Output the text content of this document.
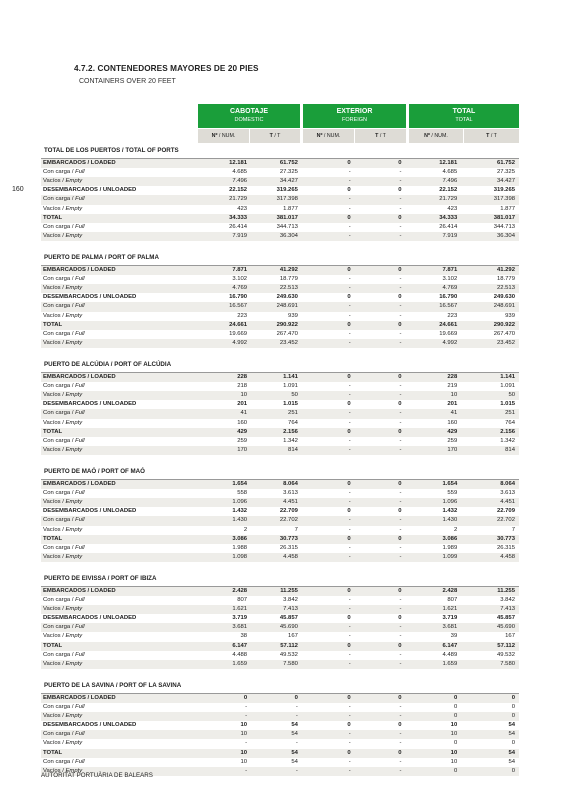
4.7.2. CONTENEDORES MAYORES DE 20 PIES
CONTAINERS OVER 20 FEET
160
CABOTAJE
DOMESTIC
EXTERIOR
FOREIGN
TOTAL
TOTAL
Nº / NUM.	T / T	Nº / NUM.	T / T	Nº / NUM.	T / T
TOTAL DE LOS PUERTOS / TOTAL OF PORTS
EMBARCADOS / LOADED	12.181	61.752	0	0	12.181	61.752
Con carga / Full	4.685	27.325	-	-	4.685	27.325
Vacíos / Empty	7.496	34.427	-	-	7.496	34.427
DESEMBARCADOS / UNLOADED	22.152	319.265	0	0	22.152	319.265
Con carga / Full	21.729	317.398	-	-	21.729	317.398
Vacíos / Empty	423	1.877	-	-	423	1.877
TOTAL	34.333	381.017	0	0	34.333	381.017
Con carga / Full	26.414	344.713	-	-	26.414	344.713
Vacíos / Empty	7.919	36.304	-	-	7.919	36.304
PUERTO DE PALMA / PORT OF PALMA
EMBARCADOS / LOADED	7.871	41.292	0	0	7.871	41.292
Con carga / Full	3.102	18.779	-	-	3.102	18.779
Vacíos / Empty	4.769	22.513	-	-	4.769	22.513
DESEMBARCADOS / UNLOADED	16.790	249.630	0	0	16.790	249.630
Con carga / Full	16.567	248.691	-	-	16.567	248.691
Vacíos / Empty	223	939	-	-	223	939
TOTAL	24.661	290.922	0	0	24.661	290.922
Con carga / Full	19.669	267.470	-	-	19.669	267.470
Vacíos / Empty	4.992	23.452	-	-	4.992	23.452
PUERTO DE ALCÚDIA / PORT OF ALCÚDIA
EMBARCADOS / LOADED	228	1.141	0	0	228	1.141
Con carga / Full	218	1.091	-	-	219	1.091
Vacíos / Empty	10	50	-	-	10	50
DESEMBARCADOS / UNLOADED	201	1.015	0	0	201	1.015
Con carga / Full	41	251	-	-	41	251
Vacíos / Empty	160	764	-	-	160	764
TOTAL	429	2.156	0	0	429	2.156
Con carga / Full	259	1.342	-	-	259	1.342
Vacíos / Empty	170	814	-	-	170	814
PUERTO DE MAÓ / PORT OF MAÓ
EMBARCADOS / LOADED	1.654	8.064	0	0	1.654	8.064
Con carga / Full	558	3.613	-	-	559	3.613
Vacíos / Empty	1.096	4.451	-	-	1.096	4.451
DESEMBARCADOS / UNLOADED	1.432	22.709	0	0	1.432	22.709
Con carga / Full	1.430	22.702	-	-	1.430	22.702
Vacíos / Empty	2	7	-	-	2	7
TOTAL	3.086	30.773	0	0	3.086	30.773
Con carga / Full	1.988	26.315	-	-	1.989	26.315
Vacíos / Empty	1.098	4.458	-	-	1.099	4.458
PUERTO DE EIVISSA / PORT OF IBIZA
EMBARCADOS / LOADED	2.428	11.255	0	0	2.428	11.255
Con carga / Full	807	3.842	-	-	807	3.842
Vacíos / Empty	1.621	7.413	-	-	1.621	7.413
DESEMBARCADOS / UNLOADED	3.719	45.857	0	0	3.719	45.857
Con carga / Full	3.681	45.690	-	-	3.681	45.690
Vacíos / Empty	38	167	-	-	39	167
TOTAL	6.147	57.112	0	0	6.147	57.112
Con carga / Full	4.488	49.532	-	-	4.489	49.532
Vacíos / Empty	1.659	7.580	-	-	1.659	7.580
PUERTO DE LA SAVINA / PORT OF LA SAVINA
EMBARCADOS / LOADED	0	0	0	0	0	0
Con carga / Full	-	-	-	-	0	0
Vacíos / Empty	-	-	-	-	0	0
DESEMBARCADOS / UNLOADED	10	54	0	0	10	54
Con carga / Full	10	54	-	-	10	54
Vacíos / Empty	-	-	-	-	0	0
TOTAL	10	54	0	0	10	54
Con carga / Full	10	54	-	-	10	54
Vacíos / Empty	-	-	-	-	0	0
AUTORITAT PORTUÀRIA DE BALEARS
